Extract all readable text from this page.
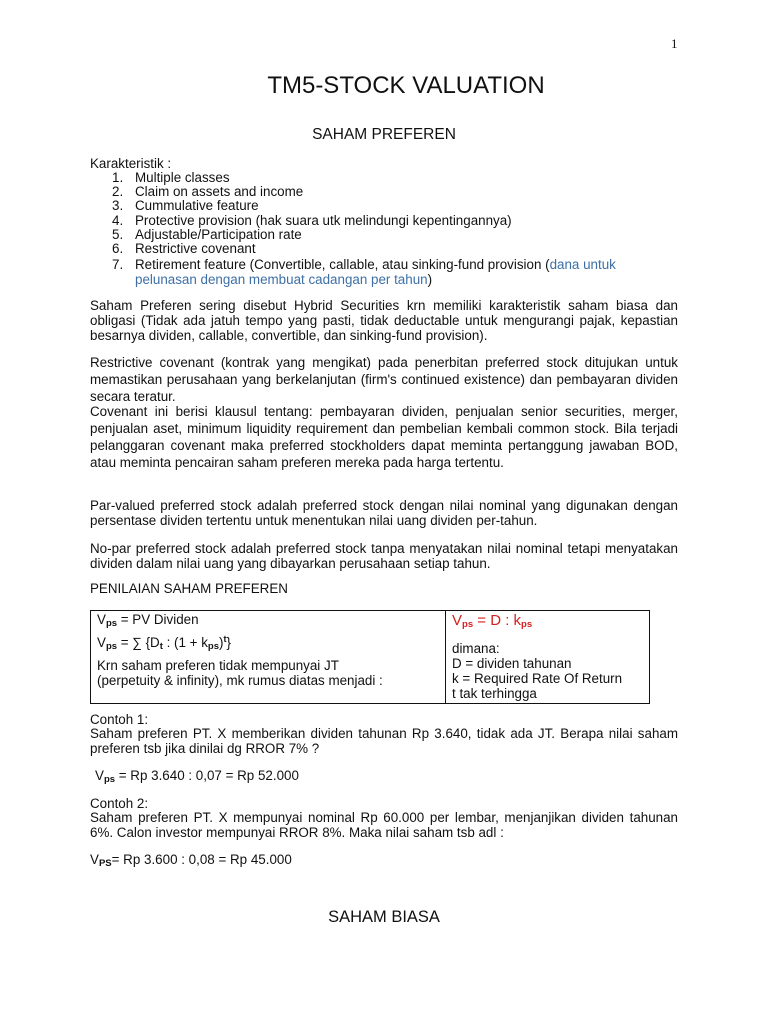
1
TM5-STOCK VALUATION
SAHAM PREFEREN
Karakteristik :
1. Multiple classes
2. Claim on assets and income
3. Cummulative feature
4. Protective provision (hak suara utk melindungi kepentingannya)
5. Adjustable/Participation rate
6. Restrictive covenant
7. Retirement feature (Convertible, callable, atau sinking-fund provision (dana untuk pelunasan dengan membuat cadangan per tahun)
Saham Preferen sering disebut Hybrid Securities krn memiliki karakteristik saham biasa dan obligasi (Tidak ada jatuh tempo yang pasti, tidak deductable untuk mengurangi pajak, kepastian besarnya dividen, callable, convertible, dan sinking-fund provision).
Restrictive covenant (kontrak yang mengikat) pada penerbitan preferred stock ditujukan untuk memastikan perusahaan yang berkelanjutan (firm's continued existence) dan pembayaran dividen secara teratur.
Covenant ini berisi klausul tentang: pembayaran dividen, penjualan senior securities, merger, penjualan aset, minimum liquidity requirement dan pembelian kembali common stock. Bila terjadi pelanggaran covenant maka preferred stockholders dapat meminta pertanggung jawaban BOD, atau meminta pencairan saham preferen mereka pada harga tertentu.
Par-valued preferred stock adalah preferred stock dengan nilai nominal yang digunakan dengan persentase dividen tertentu untuk menentukan nilai uang dividen per-tahun.
No-par preferred stock adalah preferred stock tanpa menyatakan nilai nominal tetapi menyatakan dividen dalam nilai uang yang dibayarkan perusahaan setiap tahun.
PENILAIAN SAHAM PREFEREN
$V_{ps}$ = PV Dividen
$V_{ps}$ = ∑ {$D_t$ : $(1 + k_{ps})^t$}
Krn saham preferen tidak mempunyai JT
(perpetuity & infinity), mk rumus diatas menjadi :

$V_{ps} = D$ : $k_{ps}$
dimana:
D = dividen tahunan
k = Required Rate Of Return
t tak terhingga
Contoh 1:
Saham preferen PT. X memberikan dividen tahunan Rp 3.640, tidak ada JT. Berapa nilai saham preferen tsb jika dinilai dg RROR 7% ?
$V_{ps} = Rp$ 3.640 : 0,07 = Rp 52.000
Contoh 2:
Saham preferen PT. X mempunyai nominal Rp 60.000 per lembar, menjanjikan dividen tahunan 6%. Calon investor mempunyai RROR 8%. Maka nilai saham tsb adl :
$V_{PS}= Rp$ 3.600 : 0,08 = Rp 45.000
SAHAM BIASA
